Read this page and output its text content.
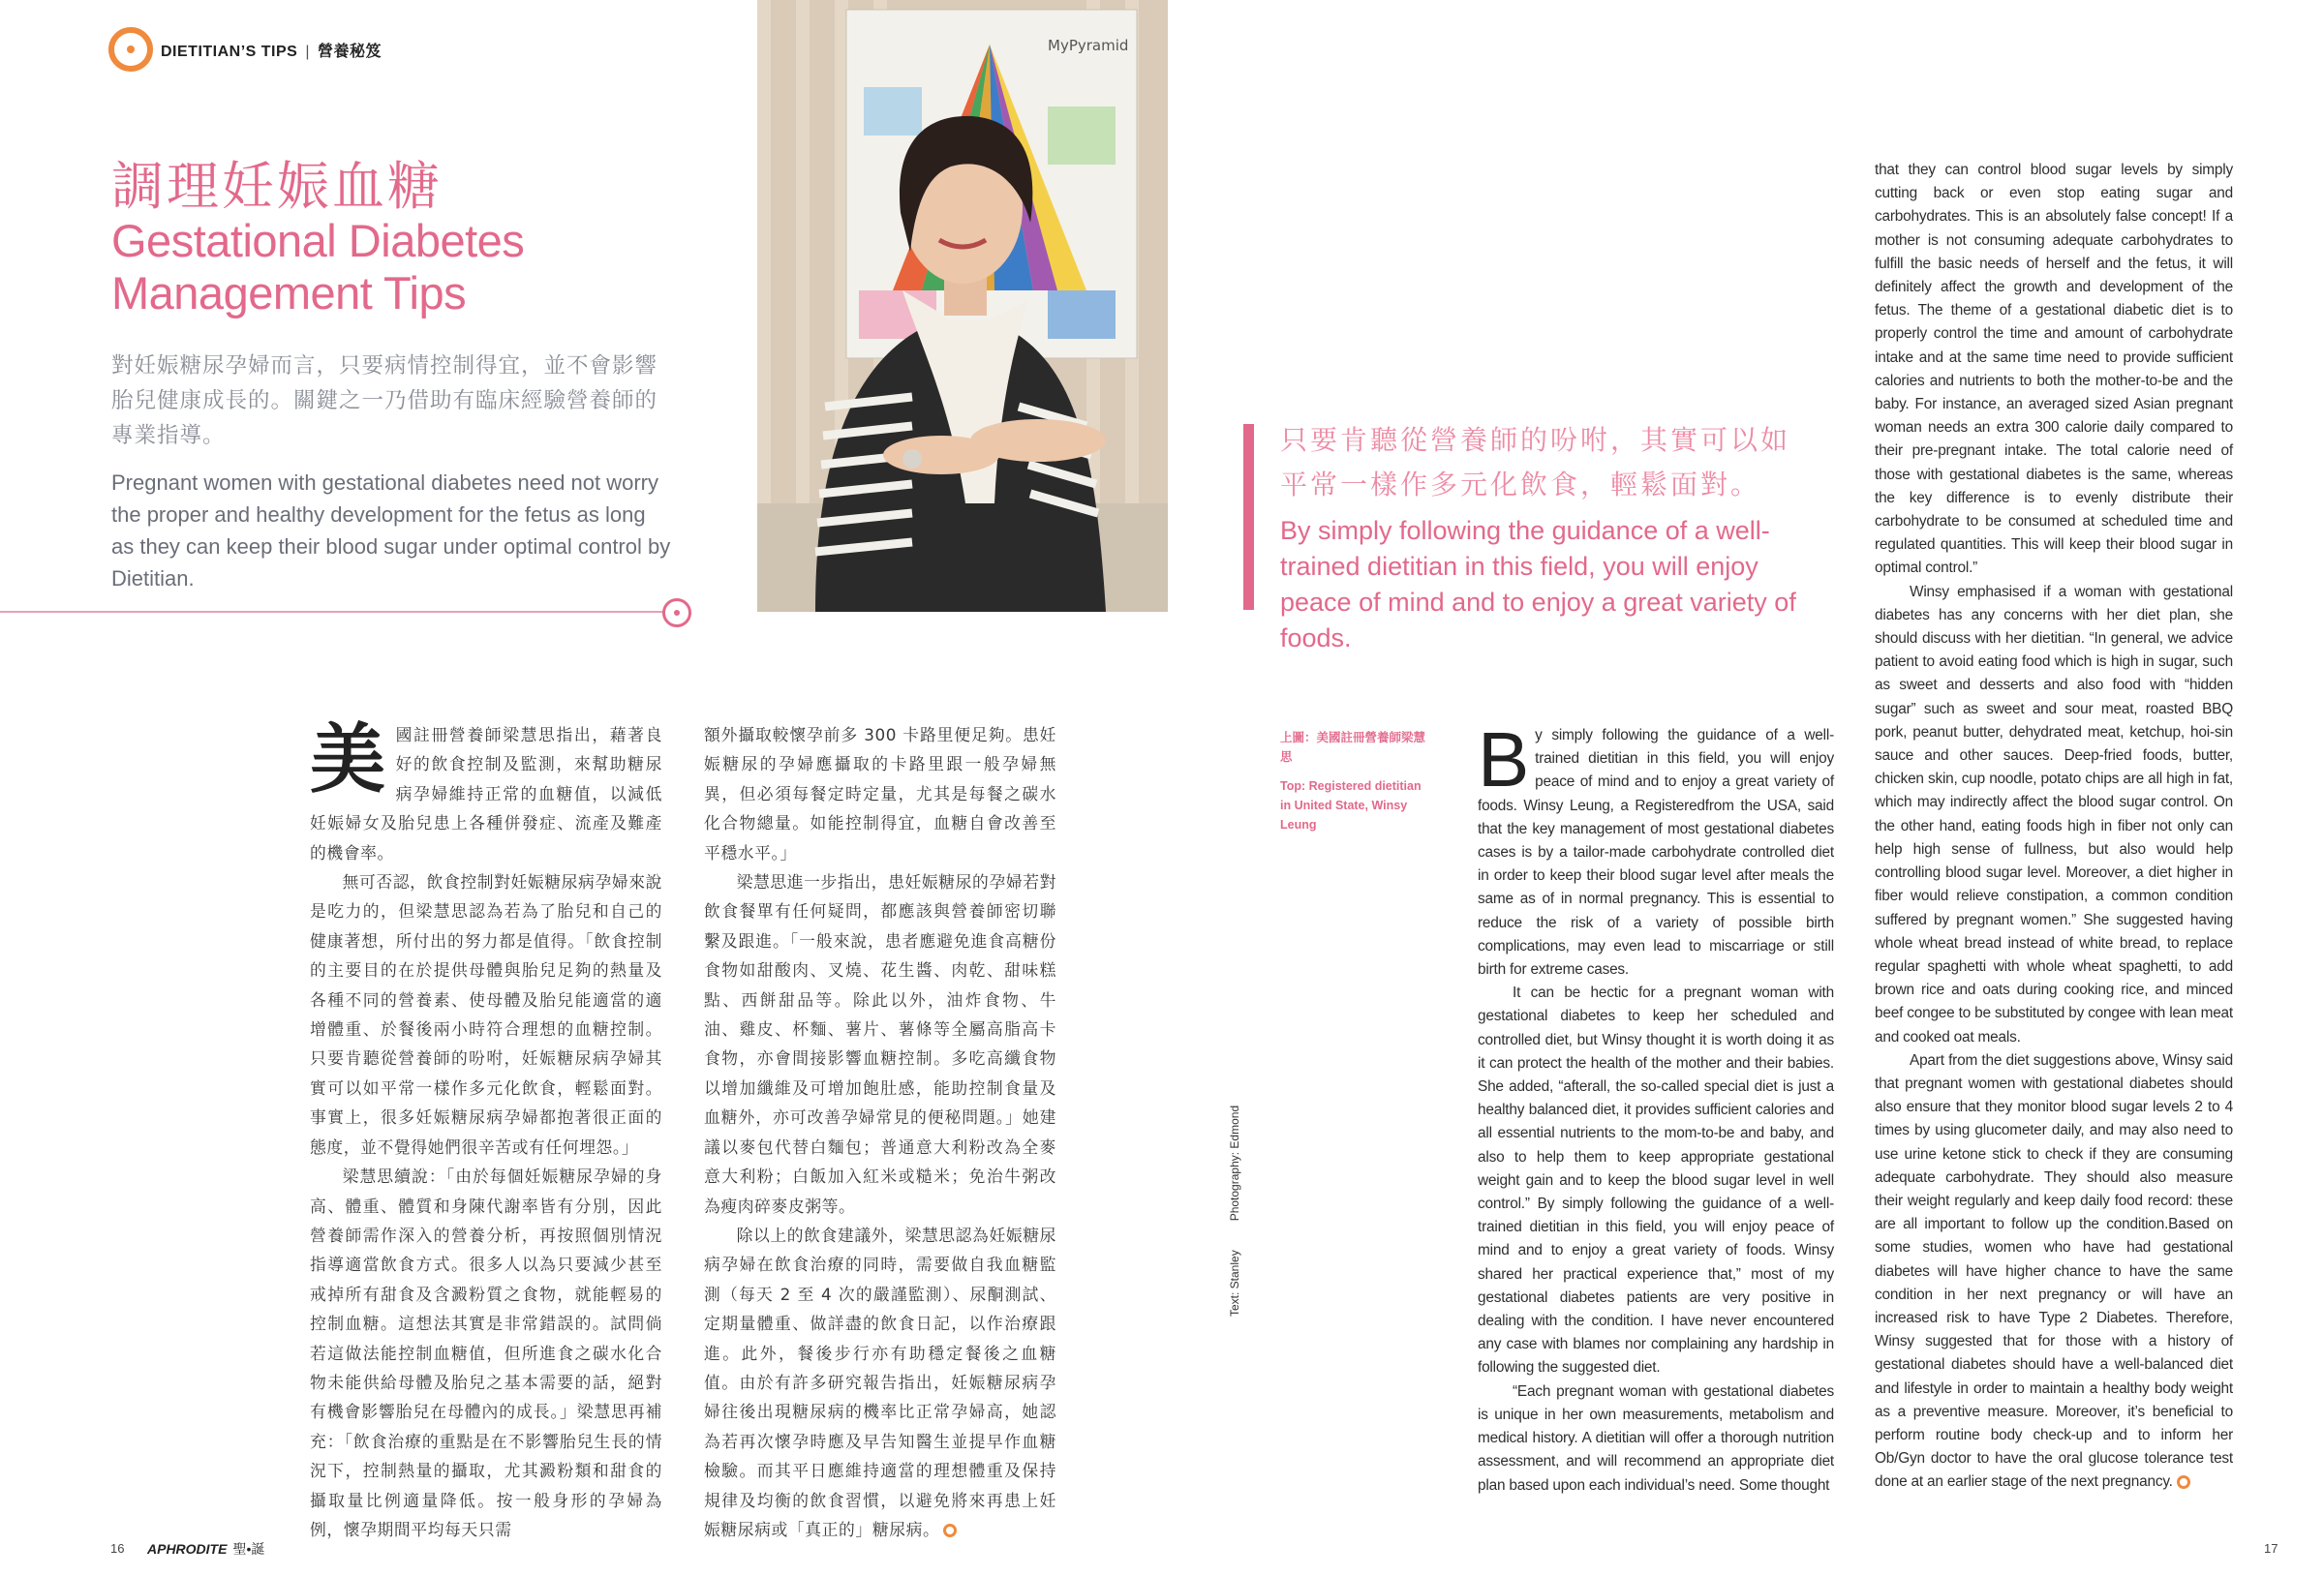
DIETITIAN’S TIPS | 營養秘笈
調理妊娠血糖
Gestational Diabetes Management Tips
對妊娠糖尿孕婦而言，只要病情控制得宜，並不會影響胎兒健康成長的。關鍵之一乃借助有臨床經驗營養師的專業指導。
Pregnant women with gestational diabetes need not worry the proper and healthy development for the fetus as long as they can keep their blood sugar under optimal control by Dietitian.
MyPyramid
只要肯聽從營養師的吩咐，其實可以如平常一樣作多元化飲食，輕鬆面對。
By simply following the guidance of a well-trained dietitian in this field, you will enjoy peace of mind and to enjoy a great variety of foods.
美 國註冊營養師梁慧思指出，藉著良好的飲食控制及監測，來幫助糖尿病孕婦維持正常的血糖值，以減低妊娠婦女及胎兒患上各種併發症、流產及難產的機會率。

無可否認，飲食控制對妊娠糖尿病孕婦來說是吃力的，但梁慧思認為若為了胎兒和自己的健康著想，所付出的努力都是值得。「飲食控制的主要目的在於提供母體與胎兒足夠的熱量及各種不同的營養素、使母體及胎兒能適當的適增體重、於餐後兩小時符合理想的血糖控制。只要肯聽從營養師的吩咐，妊娠糖尿病孕婦其實可以如平常一樣作多元化飲食，輕鬆面對。事實上，很多妊娠糖尿病孕婦都抱著很正面的態度，並不覺得她們很辛苦或有任何埋怨。」

梁慧思續說：「由於每個妊娠糖尿孕婦的身高、體重、體質和身陳代謝率皆有分別，因此營養師需作深入的營養分析，再按照個別情況指導適當飲食方式。很多人以為只要減少甚至戒掉所有甜食及含澱粉質之食物，就能輕易的控制血糖。這想法其實是非常錯誤的。試問倘若這做法能控制血糖值，但所進食之碳水化合物未能供給母體及胎兒之基本需要的話，絕對有機會影響胎兒在母體內的成長。」梁慧思再補充：「飲食治療的重點是在不影響胎兒生長的情況下，控制熱量的攝取，尤其澱粉類和甜食的攝取量比例適量降低。按一般身形的孕婦為例，懷孕期間平均每天只需

額外攝取較懷孕前多 300 卡路里便足夠。患妊娠糖尿的孕婦應攝取的卡路里跟一般孕婦無異，但必須每餐定時定量，尤其是每餐之碳水化合物總量。如能控制得宜，血糖自會改善至平穩水平。」

梁慧思進一步指出，患妊娠糖尿的孕婦若對飲食餐單有任何疑問，都應該與營養師密切聯繫及跟進。「一般來說，患者應避免進食高糖份食物如甜酸肉、叉燒、花生醬、肉乾、甜味糕點、西餅甜品等。除此以外，油炸食物、牛油、雞皮、杯麵、薯片、薯條等全屬高脂高卡食物，亦會間接影響血糖控制。多吃高纖食物以增加纖維及可增加飽肚感，能助控制食量及血糖外，亦可改善孕婦常見的便秘問題。」她建議以麥包代替白麵包；普通意大利粉改為全麥意大利粉；白飯加入紅米或糙米；免治牛粥改為瘦肉碎麥皮粥等。

除以上的飲食建議外，梁慧思認為妊娠糖尿病孕婦在飲食治療的同時，需要做自我血糖監測（每天 2 至 4 次的嚴謹監測）、尿酮測試、定期量體重、做詳盡的飲食日記，以作治療跟進。此外，餐後步行亦有助穩定餐後之血糖值。由於有許多研究報告指出，妊娠糖尿病孕婦往後出現糖尿病的機率比正常孕婦高，她認為若再次懷孕時應及早告知醫生並提早作血糖檢驗。而其平日應維持適當的理想體重及保持規律及均衡的飲食習慣，以避免將來再患上妊娠糖尿病或「真正的」糖尿病。

上圖：美國註冊營養師梁慧思

Top: Registered dietitian in United State, Winsy Leung

Text: StanleyPhotography: Edmond
B y simply following the guidance of a well-trained dietitian in this field, you will enjoy peace of mind and to enjoy a great variety of foods. Winsy Leung, a Registeredfrom the USA, said that the key management of most gestational diabetes cases is by a tailor-made carbohydrate controlled diet in order to keep their blood sugar level after meals the same as of in normal pregnancy. This is essential to reduce the risk of a variety of possible birth complications, may even lead to miscarriage or still birth for extreme cases.

It can be hectic for a pregnant woman with gestational diabetes to keep her scheduled and controlled diet, but Winsy thought it is worth doing it as it can protect the health of the mother and their babies. She added, “afterall, the so-called special diet is just a healthy balanced diet, it provides sufficient calories and all essential nutrients to the mom-to-be and baby, and also to help them to keep appropriate gestational weight gain and to keep the blood sugar level in well control.” By simply following the guidance of a well-trained dietitian in this field, you will enjoy peace of mind and to enjoy a great variety of foods. Winsy shared her practical experience that,” most of my gestational diabetes patients are very positive in dealing with the condition. I have never encountered any case with blames nor complaining any hardship in following the suggested diet.

“Each pregnant woman with gestational diabetes is unique in her own measurements, metabolism and medical history. A dietitian will offer a thorough nutrition assessment, and will recommend an appropriate diet plan based upon each individual’s need. Some thought

that they can control blood sugar levels by simply cutting back or even stop eating sugar and carbohydrates. This is an absolutely false concept! If a mother is not consuming adequate carbohydrates to fulfill the basic needs of herself and the fetus, it will definitely affect the growth and development of the fetus. The theme of a gestational diabetic diet is to properly control the time and amount of carbohydrate intake and at the same time need to provide sufficient calories and nutrients to both the mother-to-be and the baby. For instance, an averaged sized Asian pregnant woman needs an extra 300 calorie daily compared to their pre-pregnant intake. The total calorie need of those with gestational diabetes is the same, whereas the key difference is to evenly distribute their carbohydrate to be consumed at scheduled time and regulated quantities. This will keep their blood sugar in optimal control.”

Winsy emphasised if a woman with gestational diabetes has any concerns with her diet plan, she should discuss with her dietitian. “In general, we advice patient to avoid eating food which is high in sugar, such as sweet and desserts and also food with “hidden sugar” such as sweet and sour meat, roasted BBQ pork, peanut butter, dehydrated meat, ketchup, hoi-sin sauce and other sauces. Deep-fried foods, butter, chicken skin, cup noodle, potato chips are all high in fat, which may indirectly affect the blood sugar control. On the other hand, eating foods high in fiber not only can help high sense of fullness, but also would help controlling blood sugar level. Moreover, a diet higher in fiber would relieve constipation, a common condition suffered by pregnant women.” She suggested having whole wheat bread instead of white bread, to replace regular spaghetti with whole wheat spaghetti, to add brown rice and oats during cooking rice, and minced beef congee to be substituted by congee with lean meat and cooked oat meals.

Apart from the diet suggestions above, Winsy said that pregnant women with gestational diabetes should also ensure that they monitor blood sugar levels 2 to 4 times by using glucometer daily, and may also need to use urine ketone stick to check if they are consuming adequate carbohydrate. They should also measure their weight regularly and keep daily food record: these are all important to follow up the condition.Based on some studies, women who have had gestational diabetes will have higher chance to have the same condition in her next pregnancy or will have an increased risk to have Type 2 Diabetes. Therefore, Winsy suggested that for those with a history of gestational diabetes should have a well-balanced diet and lifestyle in order to maintain a healthy body weight as a preventive measure. Moreover, it’s beneficial to perform routine body check-up and to inform her Ob/Gyn doctor to have the oral glucose tolerance test done at an earlier stage of the next pregnancy.

16 APHRODITE 聖•誕	17
